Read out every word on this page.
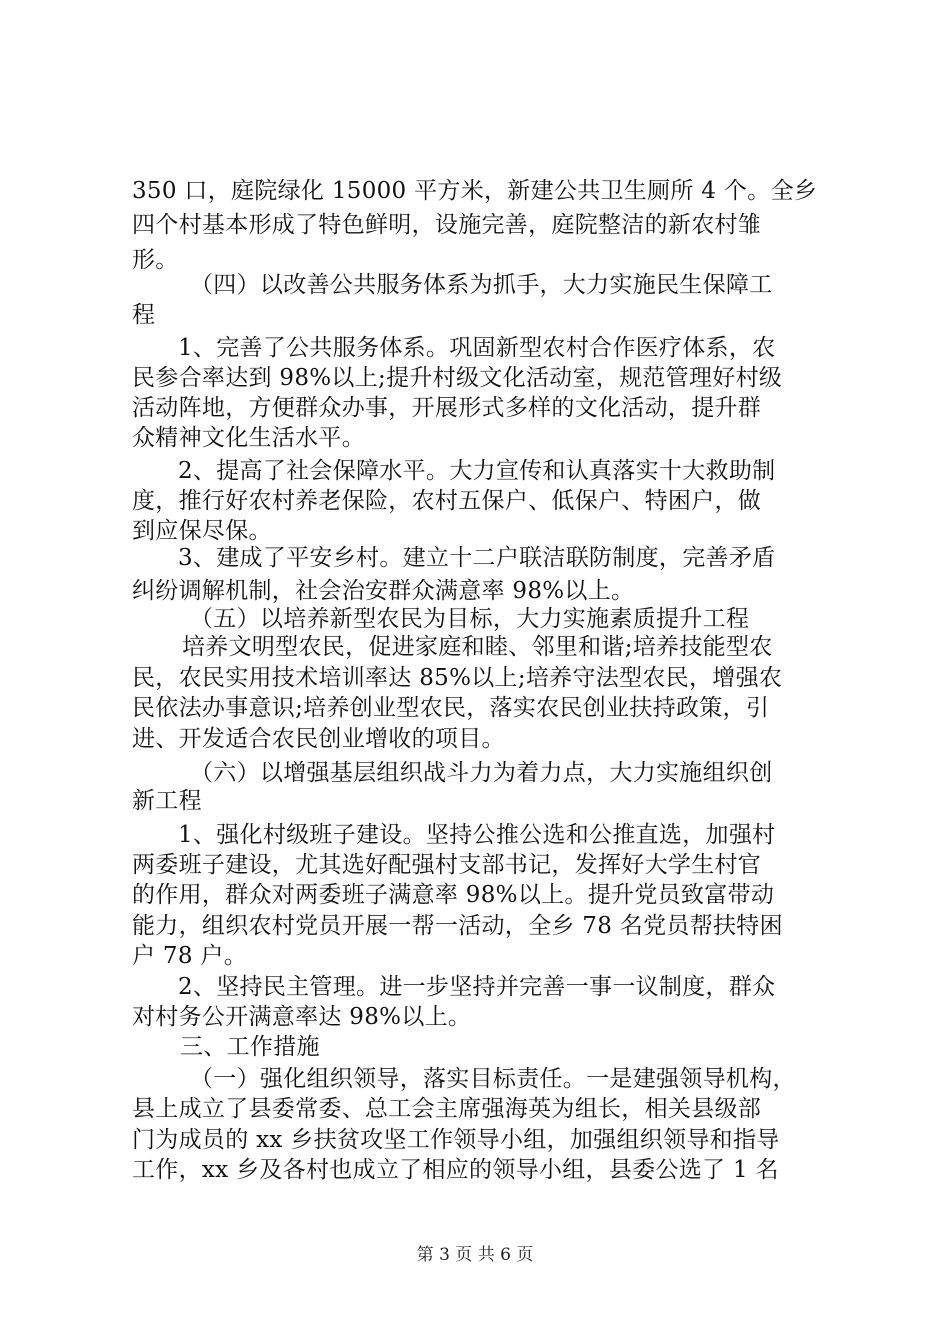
350 口，庭院绿化 15000 平方米，新建公共卫生厕所 4 个。全乡
四个村基本形成了特色鲜明，设施完善，庭院整洁的新农村雏
形。
（四）以改善公共服务体系为抓手，大力实施民生保障工
程
1、完善了公共服务体系。巩固新型农村合作医疗体系，农
民参合率达到 98%以上;提升村级文化活动室，规范管理好村级
活动阵地，方便群众办事，开展形式多样的文化活动，提升群
众精神文化生活水平。
2、提高了社会保障水平。大力宣传和认真落实十大救助制
度，推行好农村养老保险，农村五保户、低保户、特困户，做
到应保尽保。
3、建成了平安乡村。建立十二户联洁联防制度，完善矛盾
纠纷调解机制，社会治安群众满意率 98%以上。
（五）以培养新型农民为目标，大力实施素质提升工程
培养文明型农民，促进家庭和睦、邻里和谐;培养技能型农
民，农民实用技术培训率达 85%以上;培养守法型农民，增强农
民依法办事意识;培养创业型农民，落实农民创业扶持政策，引
进、开发适合农民创业增收的项目。
（六）以增强基层组织战斗力为着力点，大力实施组织创
新工程
1、强化村级班子建设。坚持公推公选和公推直选，加强村
两委班子建设，尤其选好配强村支部书记，发挥好大学生村官
的作用，群众对两委班子满意率 98%以上。提升党员致富带动
能力，组织农村党员开展一帮一活动，全乡 78 名党员帮扶特困
户 78 户。
2、坚持民主管理。进一步坚持并完善一事一议制度，群众
对村务公开满意率达 98%以上。
三、工作措施
（一）强化组织领导，落实目标责任。一是建强领导机构，
县上成立了县委常委、总工会主席强海英为组长，相关县级部
门为成员的 xx 乡扶贫攻坚工作领导小组，加强组织领导和指导
工作，xx 乡及各村也成立了相应的领导小组，县委公选了 1 名
第 3 页 共 6 页
